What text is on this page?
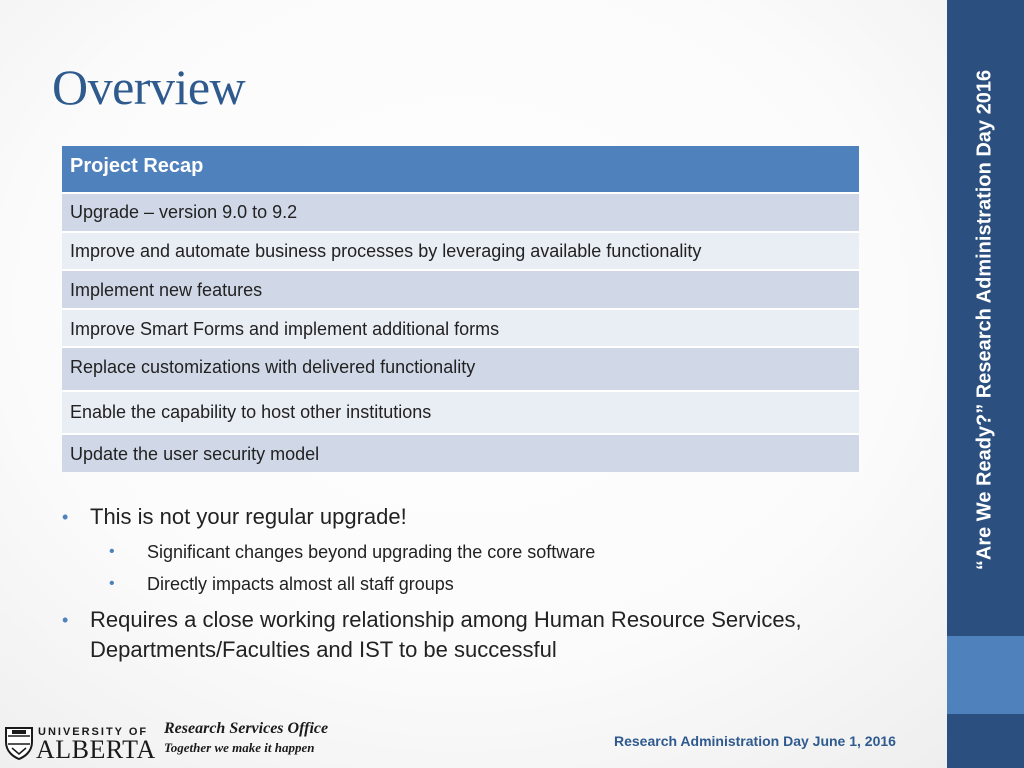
Overview
Project Recap
Upgrade – version 9.0 to 9.2
Improve and automate business processes by leveraging available functionality
Implement new features
Improve Smart Forms and implement additional forms
Replace customizations with delivered functionality
Enable the capability to host other institutions
Update the user security model
• This is not your regular upgrade!
• Significant changes beyond upgrading the core software
• Directly impacts almost all staff groups
• Requires a close working relationship among Human Resource Services, Departments/Faculties and IST to be successful
“Are We Ready?” Research Administration Day 2016
UNIVERSITY OF
ALBERTA
Research Services Office
Together we make it happen	Research Administration Day June 1, 2016
